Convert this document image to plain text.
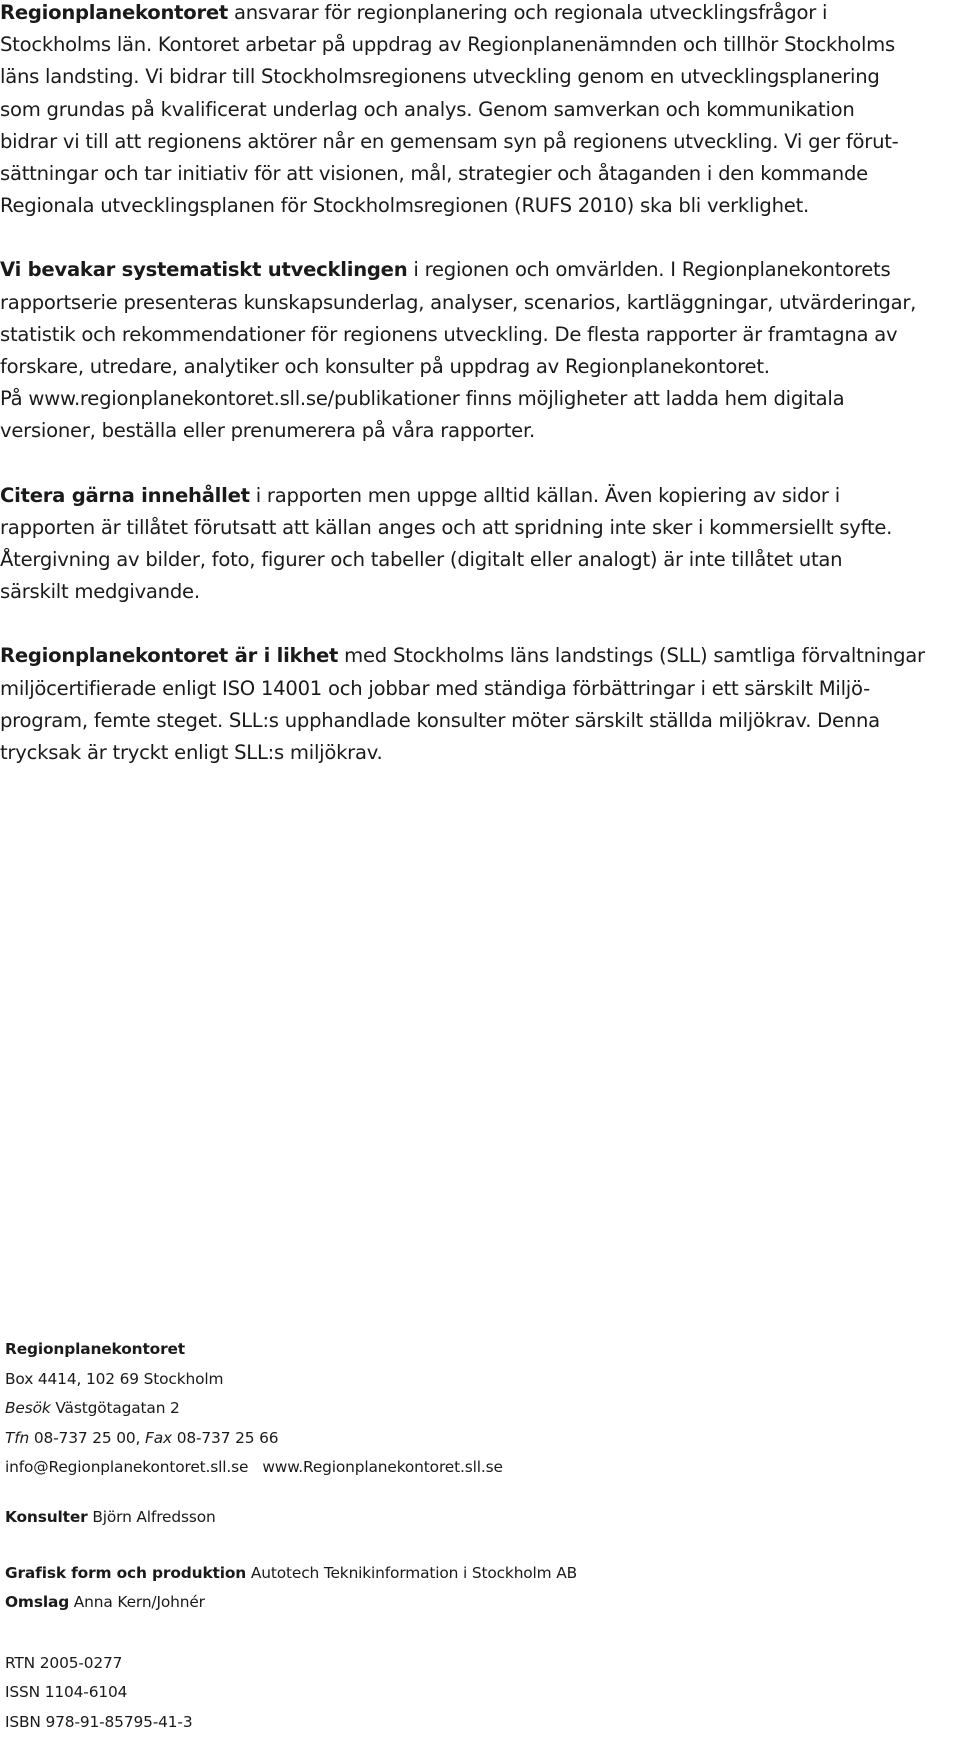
Regionplanekontoret ansvarar för regionplanering och regionala utvecklingsfrågor i
Stockholms län. Kontoret arbetar på uppdrag av Regionplanenämnden och tillhör Stockholms
läns landsting. Vi bidrar till Stockholmsregionens utveckling genom en utvecklingsplanering
som grundas på kvalificerat underlag och analys. Genom samverkan och kommunikation
bidrar vi till att regionens aktörer når en gemensam syn på regionens utveckling. Vi ger förut-
sättningar och tar initiativ för att visionen, mål, strategier och åtaganden i den kommande
Regionala utvecklingsplanen för Stockholmsregionen (RUFS 2010) ska bli verklighet.

Vi bevakar systematiskt utvecklingen i regionen och omvärlden. I Regionplanekontorets
rapportserie presenteras kunskapsunderlag, analyser, scenarios, kartläggningar, utvärderingar,
statistik och rekommendationer för regionens utveckling. De flesta rapporter är framtagna av
forskare, utredare, analytiker och konsulter på uppdrag av Regionplanekontoret.
På www.regionplanekontoret.sll.se/publikationer finns möjligheter att ladda hem digitala
versioner, beställa eller prenumerera på våra rapporter.

Citera gärna innehållet i rapporten men uppge alltid källan. Även kopiering av sidor i
rapporten är tillåtet förutsatt att källan anges och att spridning inte sker i kommersiellt syfte.
Återgivning av bilder, foto, figurer och tabeller (digitalt eller analogt) är inte tillåtet utan
särskilt medgivande.

Regionplanekontoret är i likhet med Stockholms läns landstings (SLL) samtliga förvaltningar
miljöcertifierade enligt ISO 14001 och jobbar med ständiga förbättringar i ett särskilt Miljö-
program, femte steget. SLL:s upphandlade konsulter möter särskilt ställda miljökrav. Denna
trycksak är tryckt enligt SLL:s miljökrav.

Regionplanekontoret
Box 4414, 102 69 Stockholm
Besök Västgötagatan 2
Tfn 08-737 25 00, Fax 08-737 25 66
info@Regionplanekontoret.sll.se www.Regionplanekontoret.sll.se
Konsulter Björn Alfredsson
Grafisk form och produktion Autotech Teknikinformation i Stockholm AB
Omslag Anna Kern/Johnér
RTN 2005-0277
ISSN 1104-6104
ISBN 978-91-85795-41-3
